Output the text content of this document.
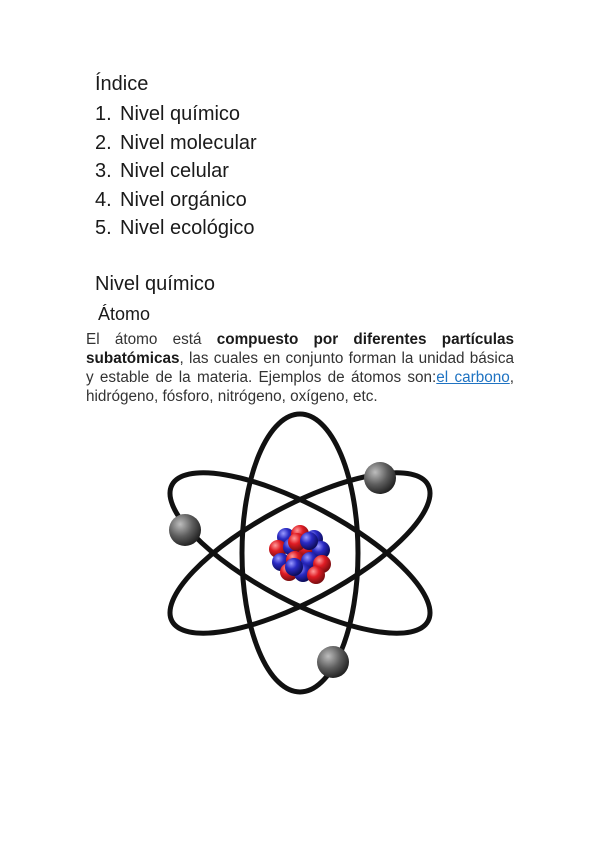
Índice
1. Nivel químico
2. Nivel molecular
3. Nivel celular
4. Nivel orgánico
5. Nivel ecológico
Nivel químico
Átomo

El átomo está compuesto por diferentes partículas subatómicas, las cuales en conjunto forman la unidad básica y estable de la materia. Ejemplos de átomos son:el carbono, hidrógeno, fósforo, nitrógeno, oxígeno, etc.
